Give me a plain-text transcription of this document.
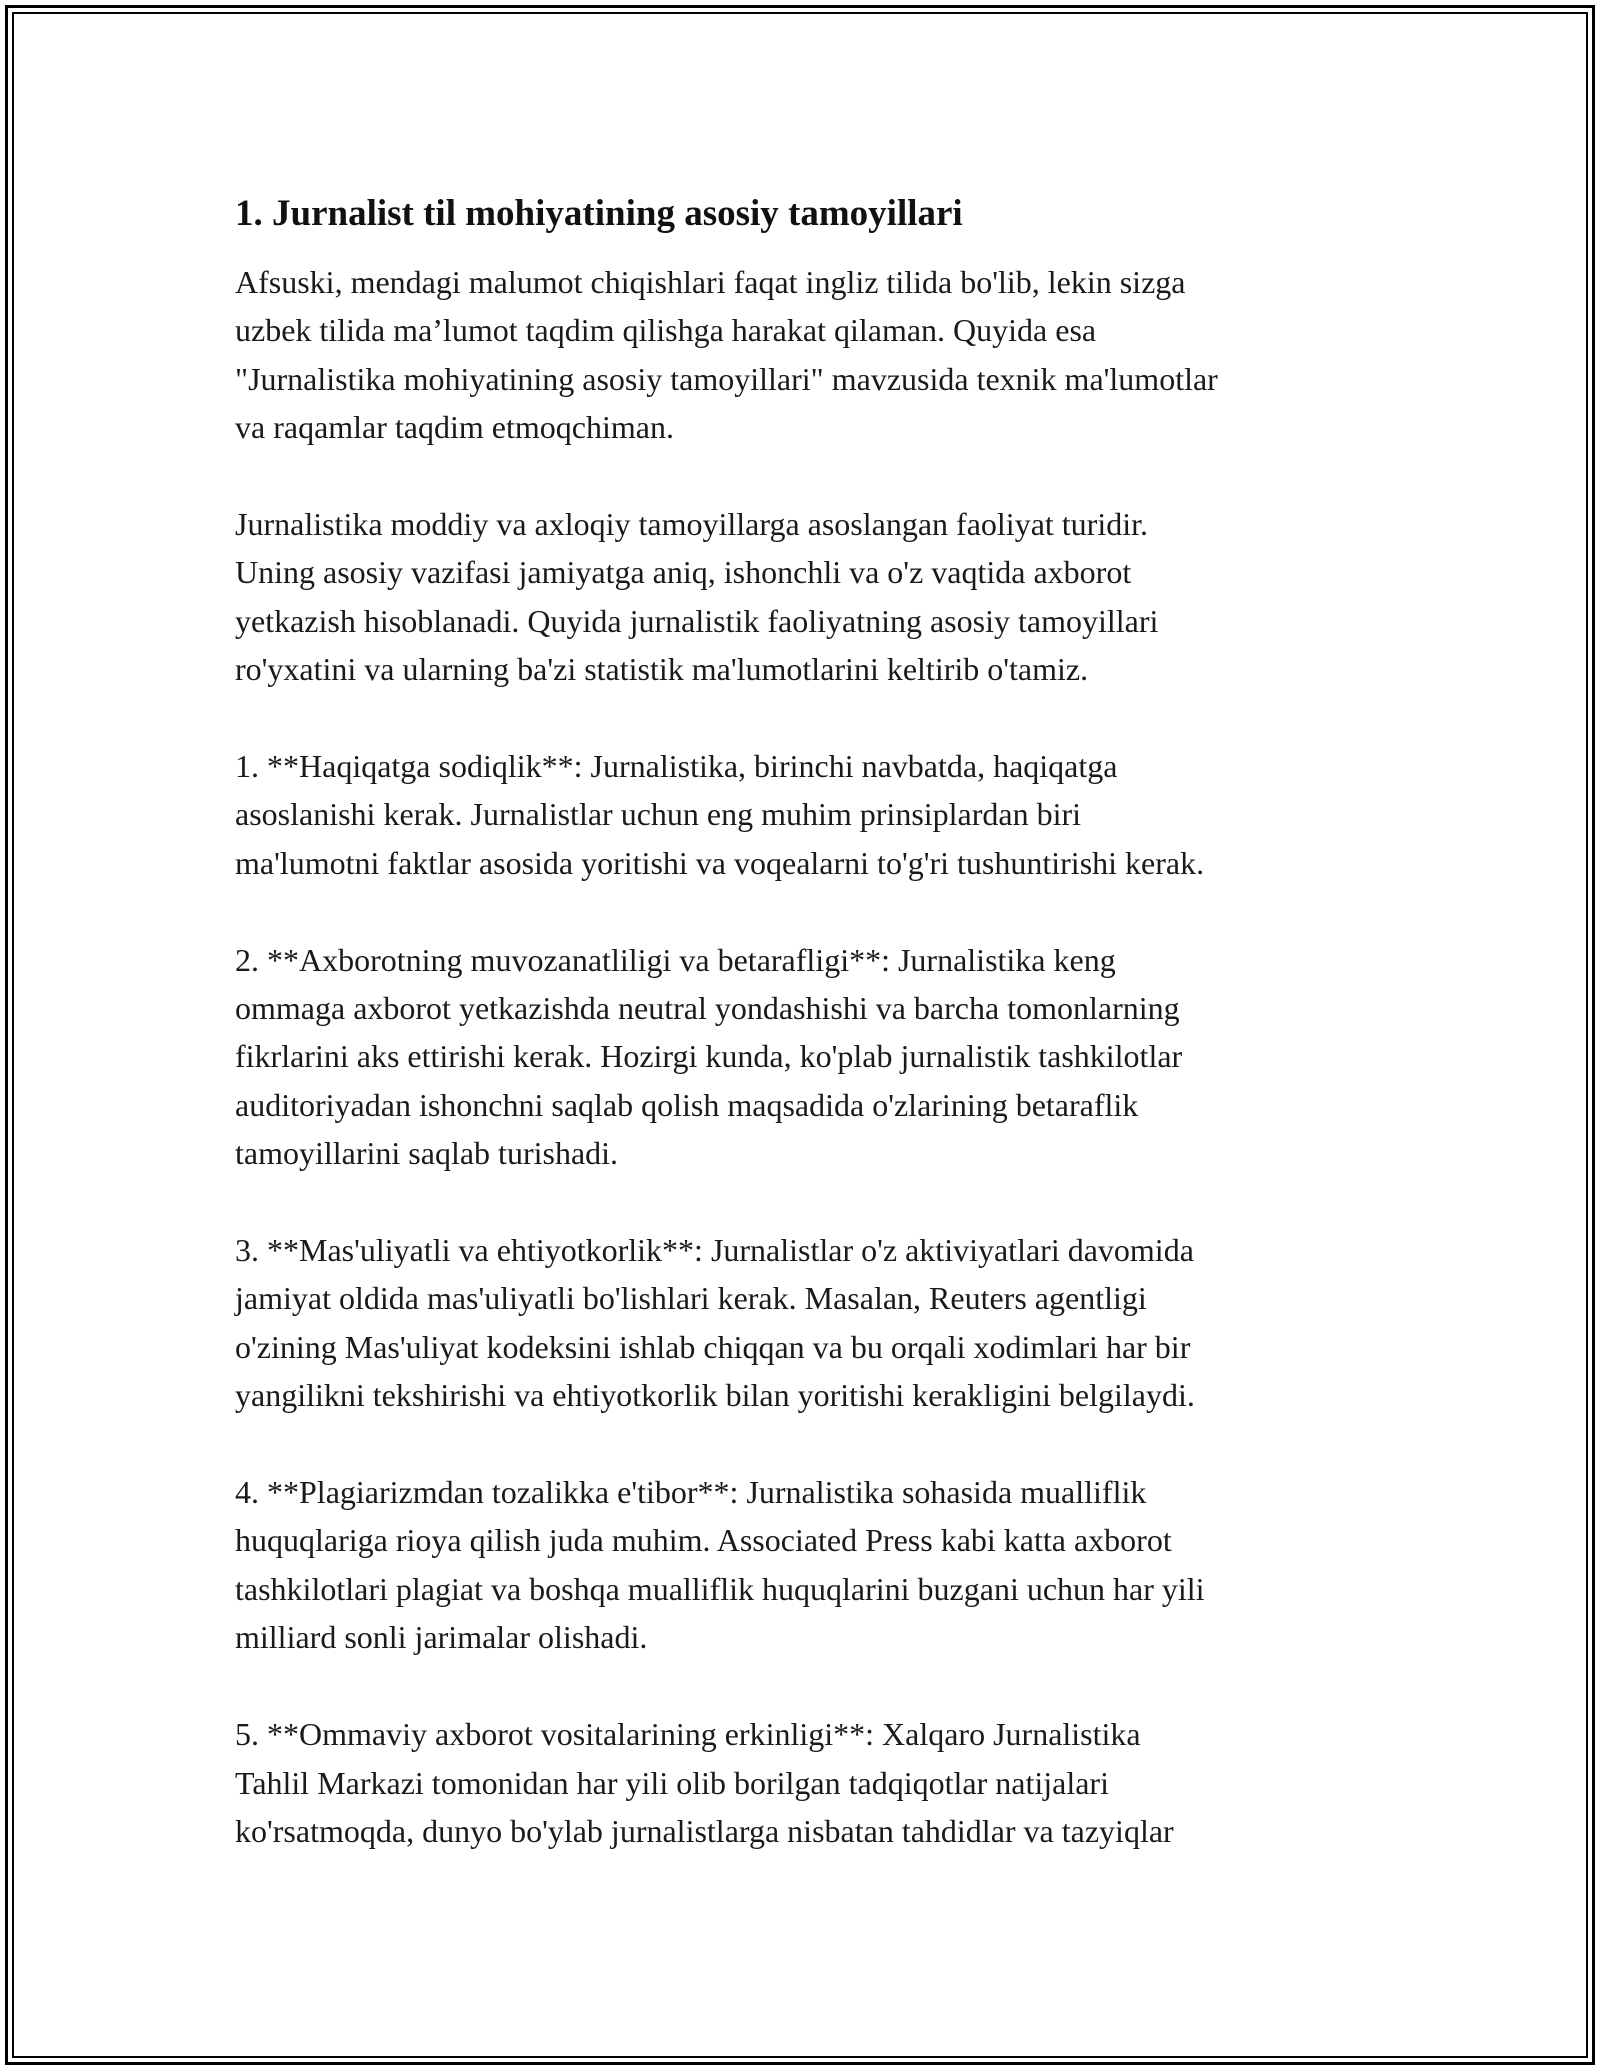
1. Jurnalist til mohiyatining asosiy tamoyillari

Afsuski, mendagi malumot chiqishlari faqat ingliz tilida bo'lib, lekin sizga
uzbek tilida ma’lumot taqdim qilishga harakat qilaman. Quyida esa
"Jurnalistika mohiyatining asosiy tamoyillari" mavzusida texnik ma'lumotlar
va raqamlar taqdim etmoqchiman.

Jurnalistika moddiy va axloqiy tamoyillarga asoslangan faoliyat turidir.
Uning asosiy vazifasi jamiyatga aniq, ishonchli va o'z vaqtida axborot
yetkazish hisoblanadi. Quyida jurnalistik faoliyatning asosiy tamoyillari
ro'yxatini va ularning ba'zi statistik ma'lumotlarini keltirib o'tamiz.

1. **Haqiqatga sodiqlik**: Jurnalistika, birinchi navbatda, haqiqatga
asoslanishi kerak. Jurnalistlar uchun eng muhim prinsiplardan biri
ma'lumotni faktlar asosida yoritishi va voqealarni to'g'ri tushuntirishi kerak.

2. **Axborotning muvozanatliligi va betarafligi**: Jurnalistika keng
ommaga axborot yetkazishda neutral yondashishi va barcha tomonlarning
fikrlarini aks ettirishi kerak. Hozirgi kunda, ko'plab jurnalistik tashkilotlar
auditoriyadan ishonchni saqlab qolish maqsadida o'zlarining betaraflik
tamoyillarini saqlab turishadi.

3. **Mas'uliyatli va ehtiyotkorlik**: Jurnalistlar o'z aktiviyatlari davomida
jamiyat oldida mas'uliyatli bo'lishlari kerak. Masalan, Reuters agentligi
o'zining Mas'uliyat kodeksini ishlab chiqqan va bu orqali xodimlari har bir
yangilikni tekshirishi va ehtiyotkorlik bilan yoritishi kerakligini belgilaydi.

4. **Plagiarizmdan tozalikka e'tibor**: Jurnalistika sohasida mualliflik
huquqlariga rioya qilish juda muhim. Associated Press kabi katta axborot
tashkilotlari plagiat va boshqa mualliflik huquqlarini buzgani uchun har yili
milliard sonli jarimalar olishadi.

5. **Ommaviy axborot vositalarining erkinligi**: Xalqaro Jurnalistika
Tahlil Markazi tomonidan har yili olib borilgan tadqiqotlar natijalari
ko'rsatmoqda, dunyo bo'ylab jurnalistlarga nisbatan tahdidlar va tazyiqlar
